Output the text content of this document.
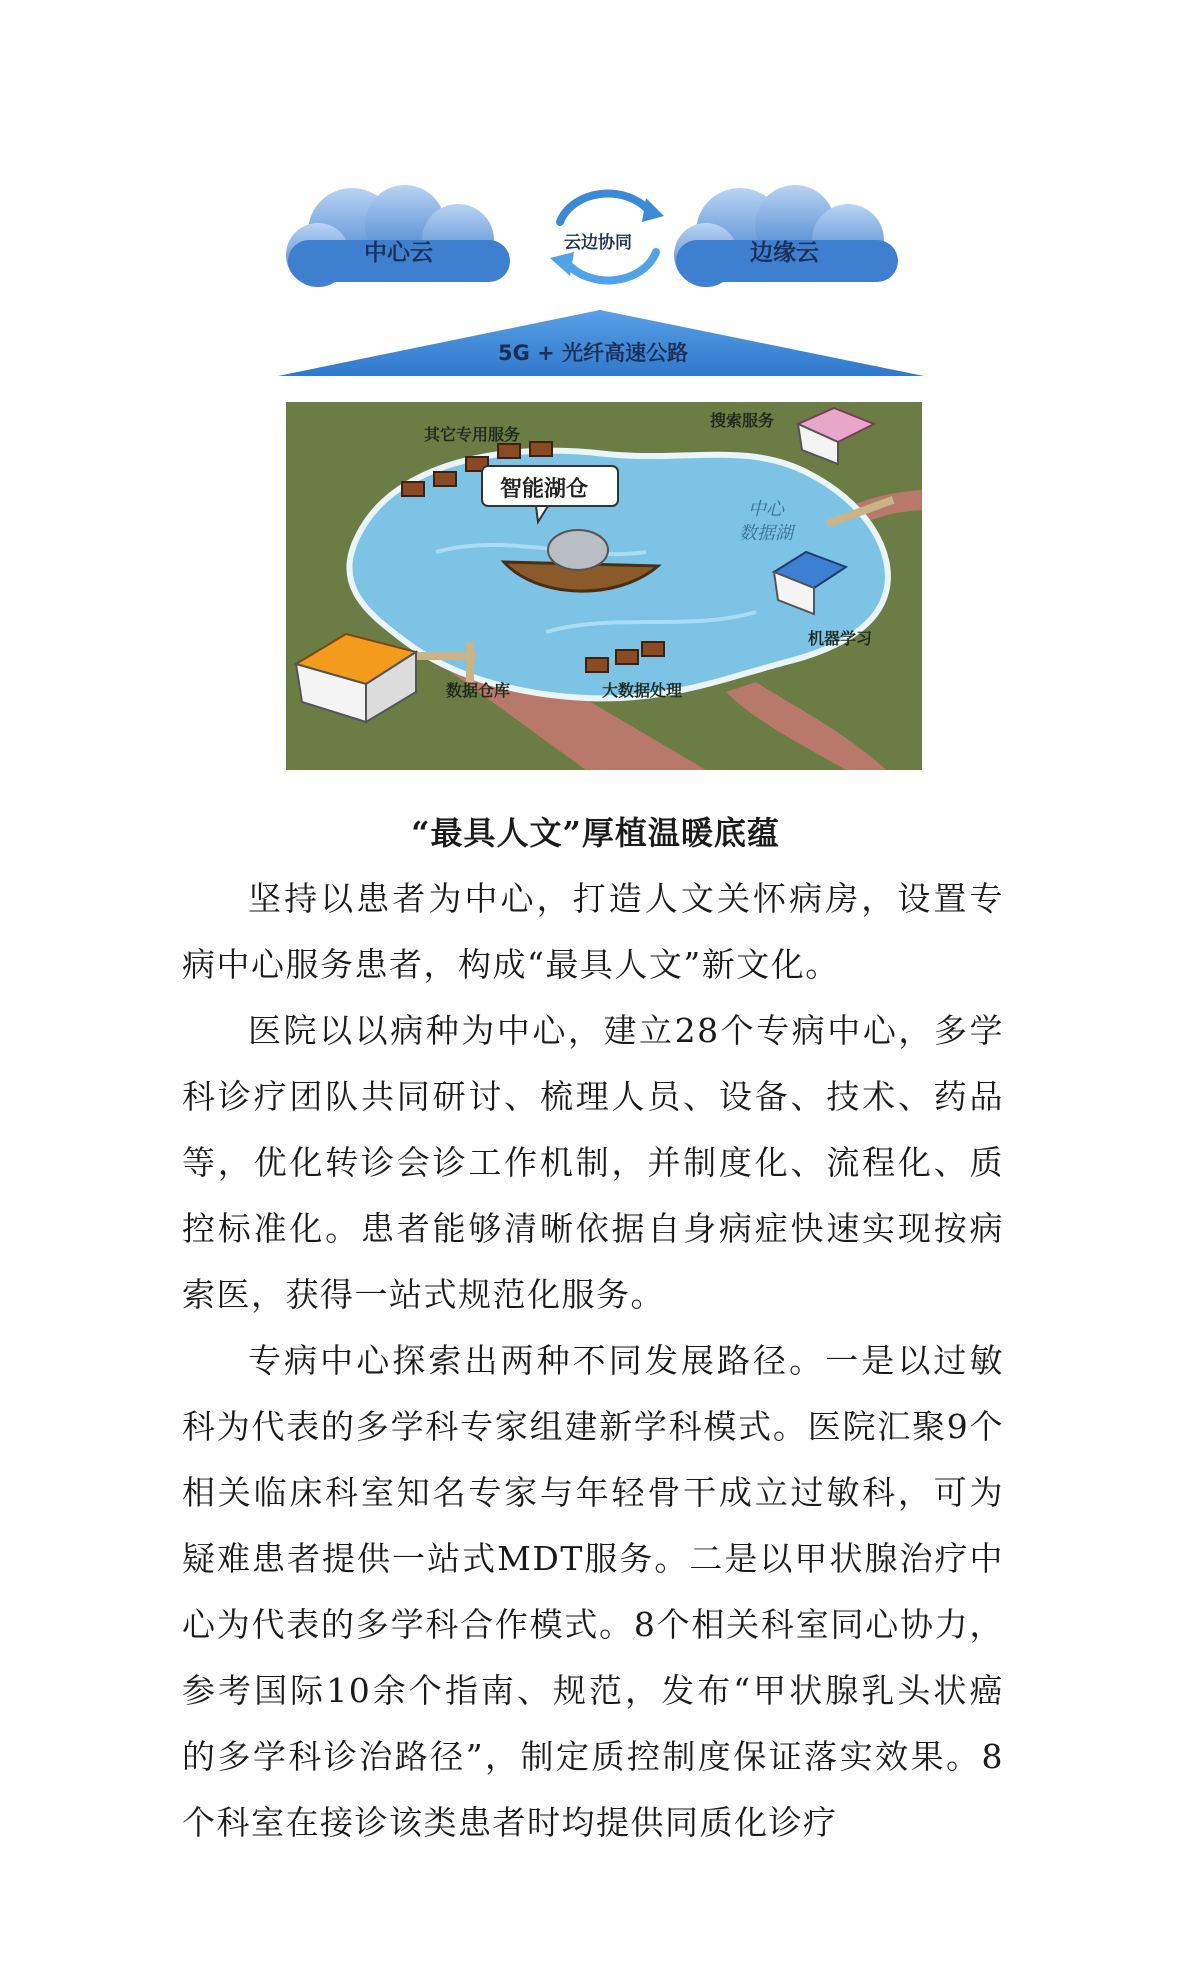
中心云	边缘云
云边协同
5G + 光纤高速公路
智能湖仓
其它专用服务
搜索服务
中心
数据湖
机器学习
数据仓库	大数据处理
“最具人文”厚植温暖底蕴

坚持以患者为中心，打造人文关怀病房，设置专病中心服务患者，构成“最具人文”新文化。

医院以以病种为中心，建立28个专病中心，多学科诊疗团队共同研讨、梳理人员、设备、技术、药品等，优化转诊会诊工作机制，并制度化、流程化、质控标准化。患者能够清晰依据自身病症快速实现按病索医，获得一站式规范化服务。

专病中心探索出两种不同发展路径。一是以过敏科为代表的多学科专家组建新学科模式。医院汇聚9个相关临床科室知名专家与年轻骨干成立过敏科，可为疑难患者提供一站式MDT服务。二是以甲状腺治疗中心为代表的多学科合作模式。8个相关科室同心协力，参考国际10余个指南、规范，发布“甲状腺乳头状癌的多学科诊治路径”，制定质控制度保证落实效果。8个科室在接诊该类患者时均提供同质化诊疗
